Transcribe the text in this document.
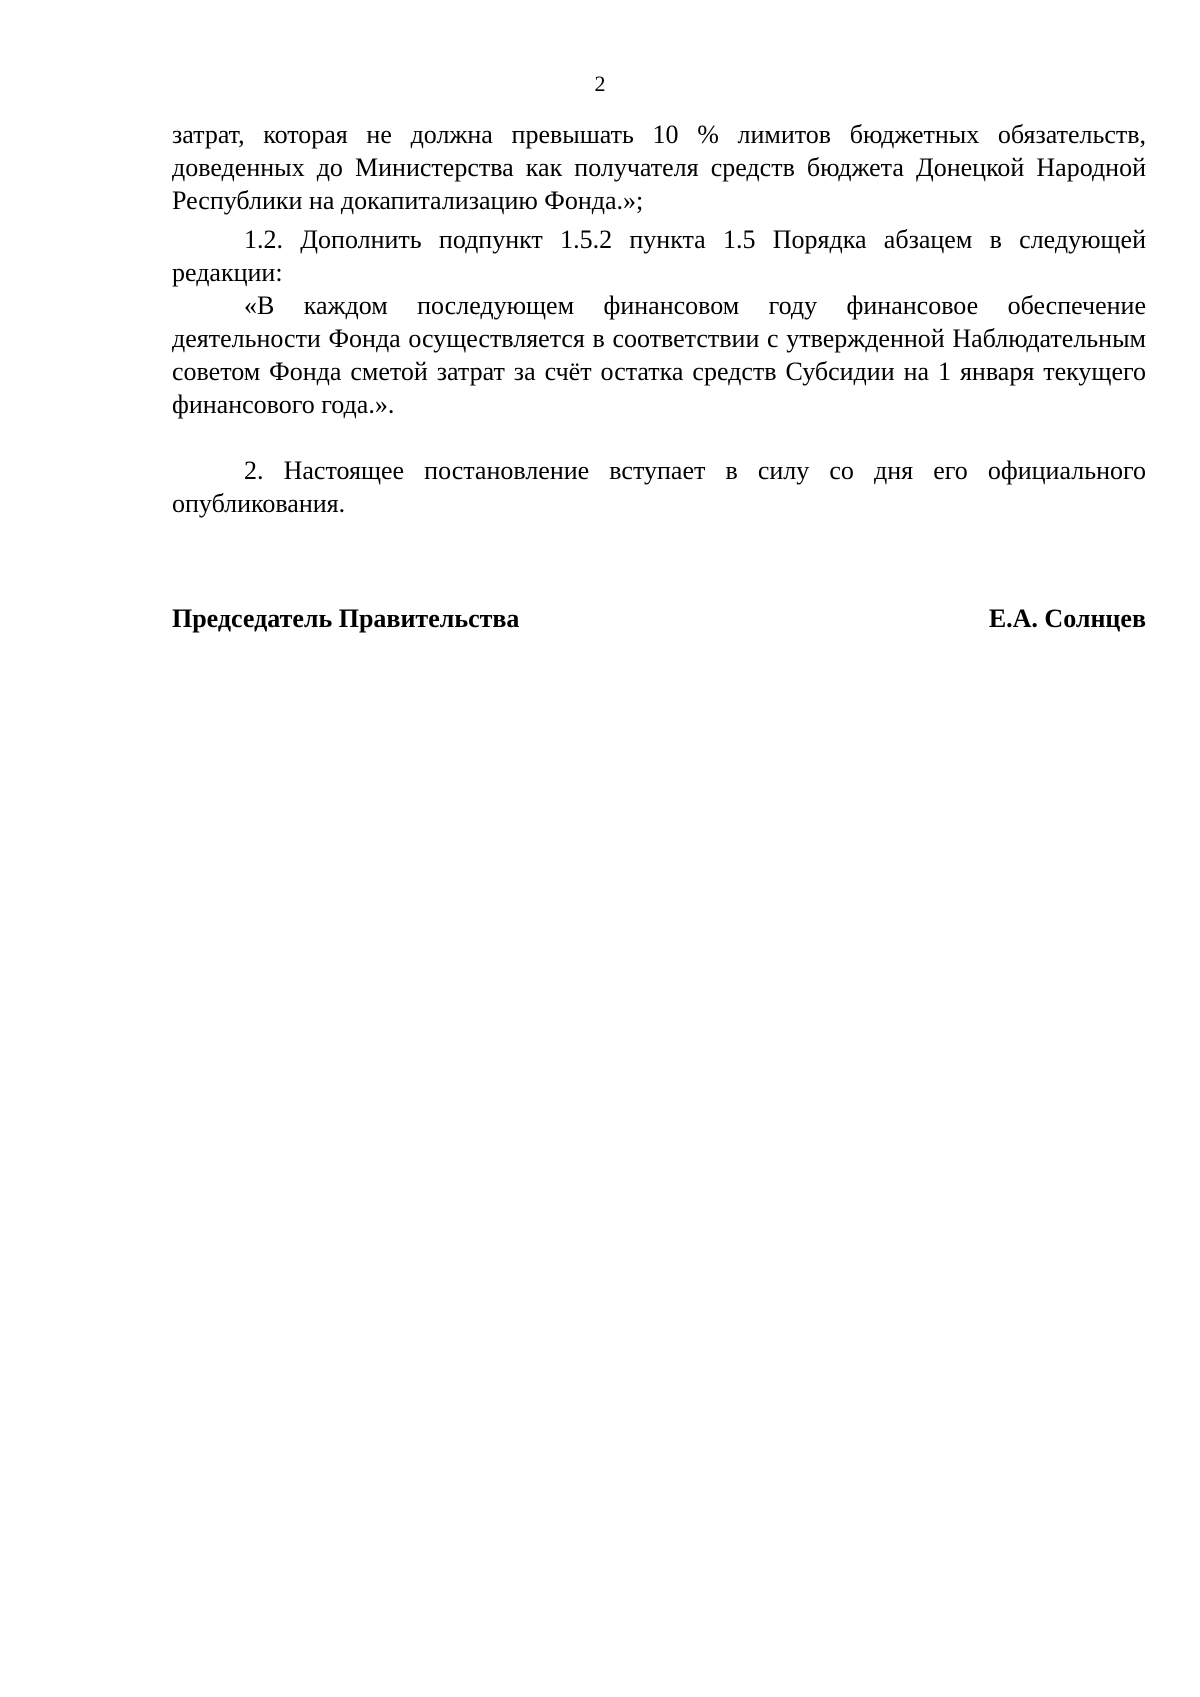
2

затрат, которая не должна превышать 10 % лимитов бюджетных обязательств, доведенных до Министерства как получателя средств бюджета Донецкой Народной Республики на докапитализацию Фонда.»;

1.2. Дополнить подпункт 1.5.2 пункта 1.5 Порядка абзацем в следующей редакции:

«В каждом последующем финансовом году финансовое обеспечение деятельности Фонда осуществляется в соответствии с утвержденной Наблюдательным советом Фонда сметой затрат за счёт остатка средств Субсидии на 1 января текущего финансового года.».

2. Настоящее постановление вступает в силу со дня его официального опубликования.

Председатель Правительства	Е.А. Солнцев
